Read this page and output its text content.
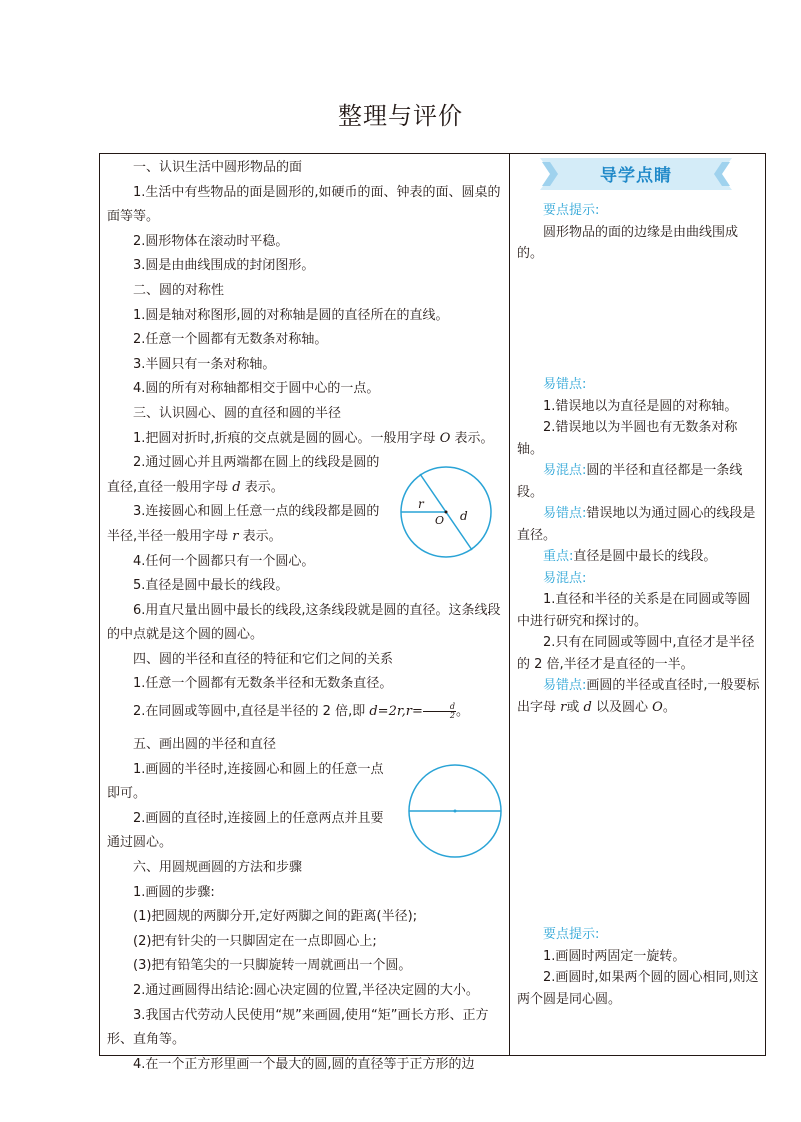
整理与评价

一、认识生活中圆形物品的面

1.生活中有些物品的面是圆形的,如硬币的面、钟表的面、圆桌的面等等。

2.圆形物体在滚动时平稳。

3.圆是由曲线围成的封闭图形。

二、圆的对称性

1.圆是轴对称图形,圆的对称轴是圆的直径所在的直线。

2.任意一个圆都有无数条对称轴。

3.半圆只有一条对称轴。

4.圆的所有对称轴都相交于圆中心的一点。

三、认识圆心、圆的直径和圆的半径

1.把圆对折时,折痕的交点就是圆的圆心。一般用字母 O 表示。

2.通过圆心并且两端都在圆上的线段是圆的

直径,直径一般用字母 d 表示。

3.连接圆心和圆上任意一点的线段都是圆的

半径,半径一般用字母 r 表示。

4.任何一个圆都只有一个圆心。

5.直径是圆中最长的线段。

6.用直尺量出圆中最长的线段,这条线段就是圆的直径。这条线段的中点就是这个圆的圆心。

四、圆的半径和直径的特征和它们之间的关系

1.任意一个圆都有无数条半径和无数条直径。

2.在同圆或等圆中,直径是半径的 2 倍,即 $d=2r,r= \frac{d}{2}$ 。

五、画出圆的半径和直径

1.画圆的半径时,连接圆心和圆上的任意一点

即可。

2.画圆的直径时,连接圆上的任意两点并且要

通过圆心。

六、用圆规画圆的方法和步骤

1.画圆的步骤:

(1)把圆规的两脚分开,定好两脚之间的距离(半径);

(2)把有针尖的一只脚固定在一点即圆心上;

(3)把有铅笔尖的一只脚旋转一周就画出一个圆。

2.通过画圆得出结论:圆心决定圆的位置,半径决定圆的大小。

3.我国古代劳动人民使用“规”来画圆,使用“矩”画长方形、正方形、直角等。

4.在一个正方形里画一个最大的圆,圆的直径等于正方形的边

r
O d
导学点睛

要点提示:

圆形物品的面的边缘是由曲线围成的。

易错点:

1.错误地以为直径是圆的对称轴。

2.错误地以为半圆也有无数条对称轴。

易混点:圆的半径和直径都是一条线段。

易错点:错误地以为通过圆心的线段是直径。

重点:直径是圆中最长的线段。

易混点:

1.直径和半径的关系是在同圆或等圆中进行研究和探讨的。

2.只有在同圆或等圆中,直径才是半径的 2 倍,半径才是直径的一半。

易错点:画圆的半径或直径时,一般要标出字母 r或 d 以及圆心 O。

要点提示:

1.画圆时两固定一旋转。

2.画圆时,如果两个圆的圆心相同,则这两个圆是同心圆。
